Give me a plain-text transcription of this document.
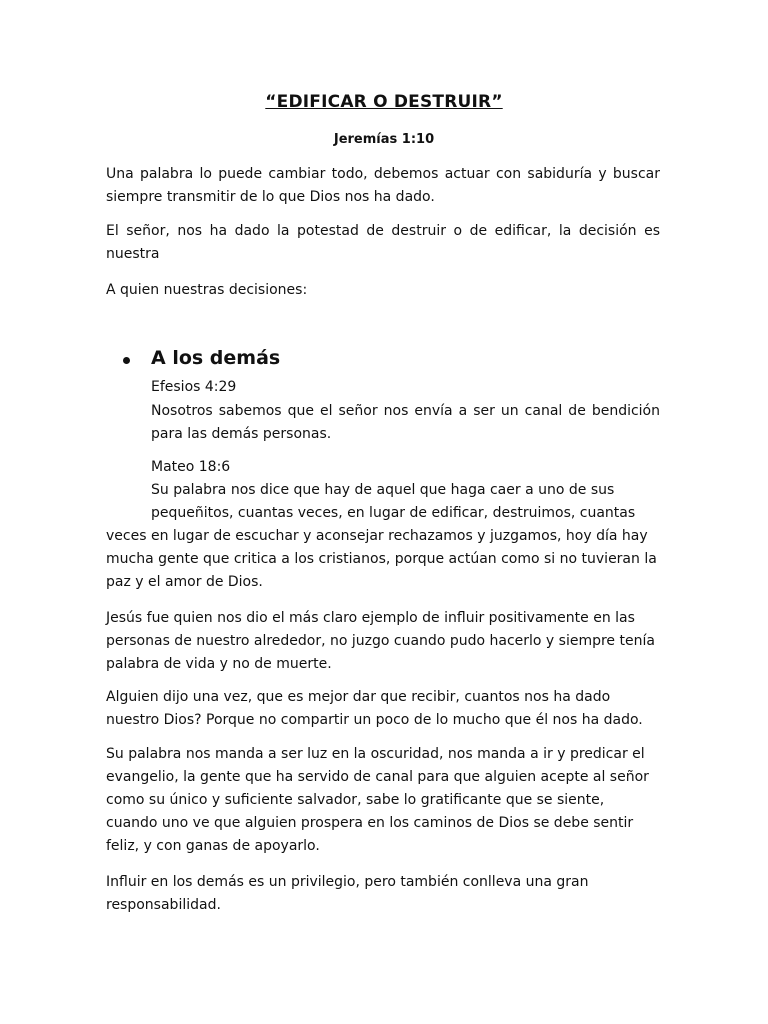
“EDIFICAR O DESTRUIR”
Jeremías 1:10

Una palabra lo puede cambiar todo, debemos actuar con sabiduría y buscar siempre transmitir de lo que Dios nos ha dado.

El señor, nos ha dado la potestad de destruir o de edificar, la decisión es nuestra

A quien nuestras decisiones:

A los demás
Efesios 4:29

Nosotros sabemos que el señor nos envía a ser un canal de bendición para las demás personas.

Mateo 18:6

Su palabra nos dice que hay de aquel que haga caer a uno de sus pequeñitos, cuantas veces, en lugar de edificar, destruimos, cuantas veces en lugar de escuchar y aconsejar rechazamos y juzgamos, hoy día hay mucha gente que critica a los cristianos, porque actúan como si no tuvieran la paz y el amor de Dios.

Jesús fue quien nos dio el más claro ejemplo de influir positivamente en las personas de nuestro alrededor, no juzgo cuando pudo hacerlo y siempre tenía palabra de vida y no de muerte.

Alguien dijo una vez, que es mejor dar que recibir, cuantos nos ha dado nuestro Dios? Porque no compartir un poco de lo mucho que él nos ha dado.

Su palabra nos manda a ser luz en la oscuridad, nos manda a ir y predicar el evangelio, la gente que ha servido de canal para que alguien acepte al señor como su único y suficiente salvador, sabe lo gratificante que se siente, cuando uno ve que alguien prospera en los caminos de Dios se debe sentir feliz, y con ganas de apoyarlo.

Influir en los demás es un privilegio, pero también conlleva una gran responsabilidad.
